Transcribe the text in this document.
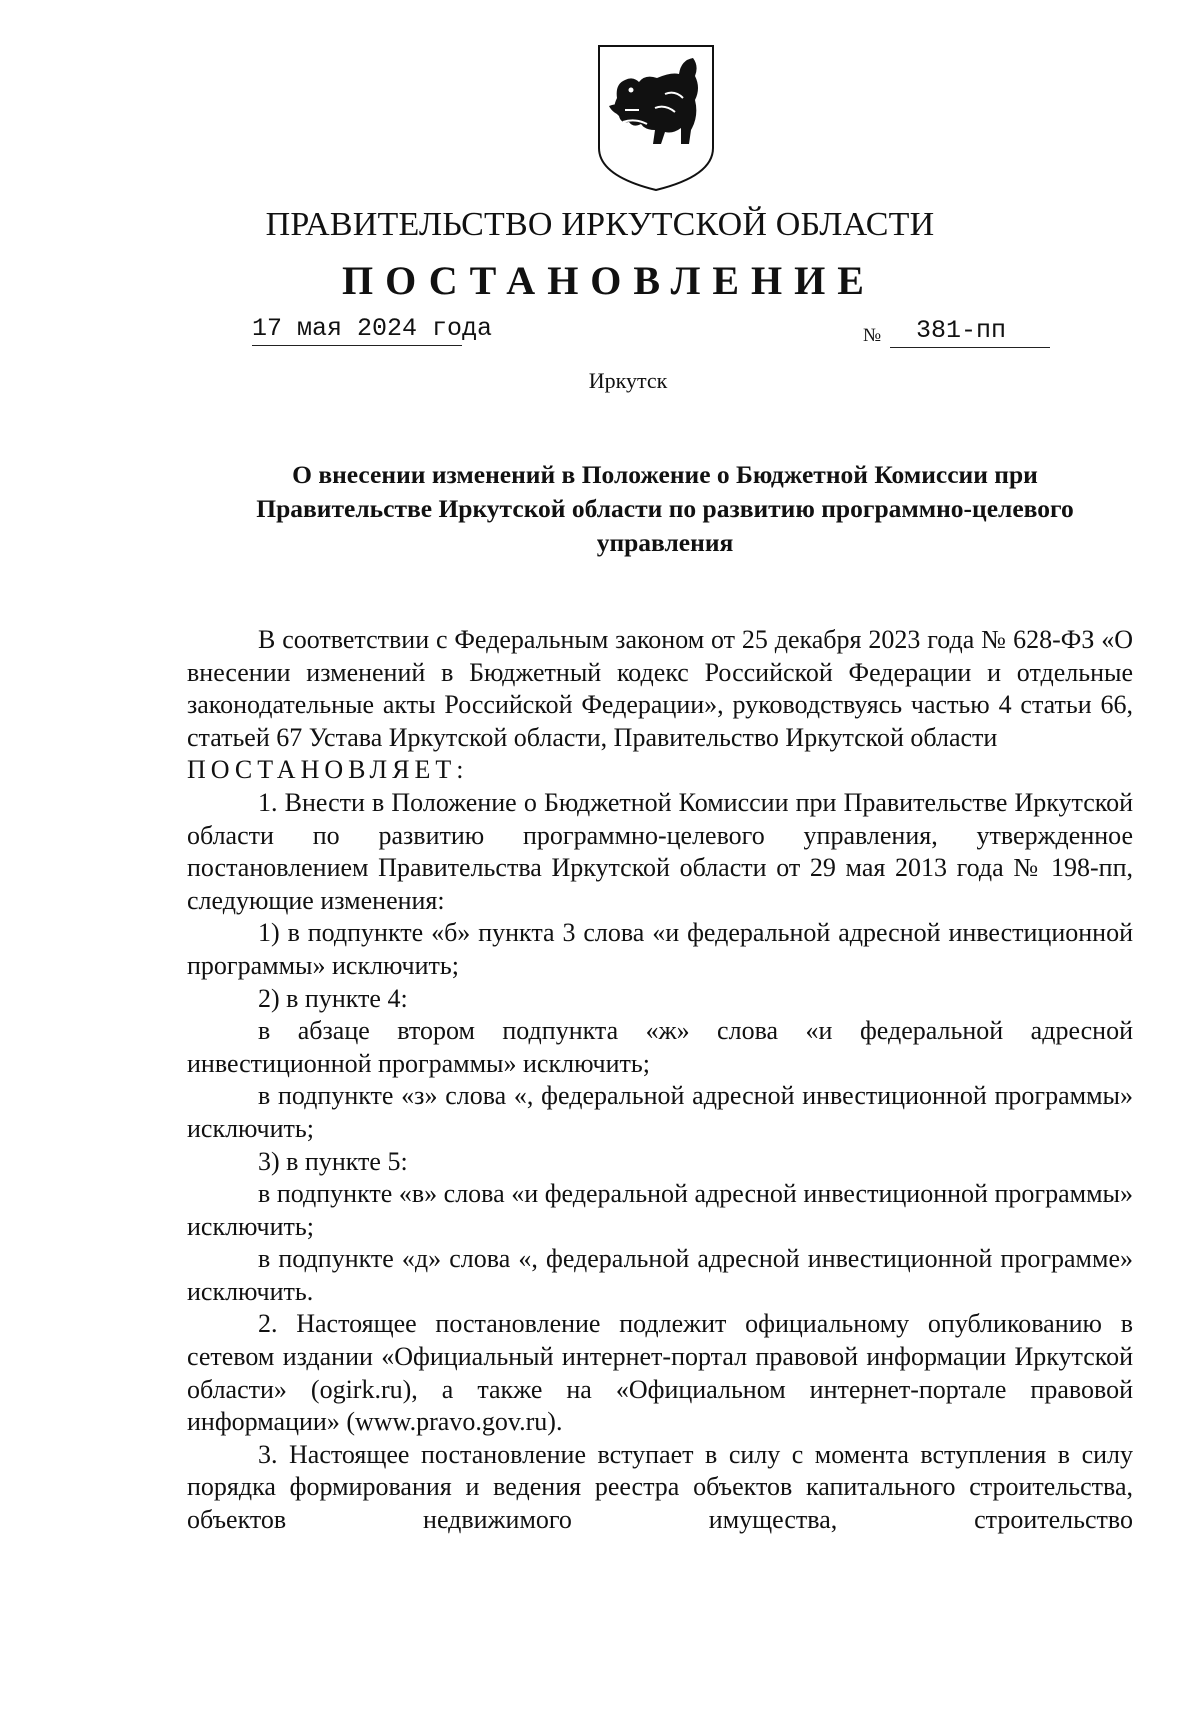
ПРАВИТЕЛЬСТВО ИРКУТСКОЙ ОБЛАСТИ
ПОСТАНОВЛЕНИЕ
17 мая 2024 года	№	381-пп
Иркутск
О внесении изменений в Положение о Бюджетной Комиссии при
Правительстве Иркутской области по развитию программно-целевого
управления

В соответствии с Федеральным законом от 25 декабря 2023 года № 628-ФЗ «О внесении изменений в Бюджетный кодекс Российской Федерации и отдельные законодательные акты Российской Федерации», руководствуясь частью 4 статьи 66, статьей 67 Устава Иркутской области, Правительство Иркутской области

ПОСТАНОВЛЯЕТ:

1. Внести в Положение о Бюджетной Комиссии при Правительстве Иркутской области по развитию программно-целевого управления, утвержденное постановлением Правительства Иркутской области от 29 мая 2013 года № 198-пп, следующие изменения:

1) в подпункте «б» пункта 3 слова «и федеральной адресной инвестиционной программы» исключить;

2) в пункте 4:

в абзаце втором подпункта «ж» слова «и федеральной адресной инвестиционной программы» исключить;

в подпункте «з» слова «, федеральной адресной инвестиционной программы» исключить;

3) в пункте 5:

в подпункте «в» слова «и федеральной адресной инвестиционной программы» исключить;

в подпункте «д» слова «, федеральной адресной инвестиционной программе» исключить.

2. Настоящее постановление подлежит официальному опубликованию в сетевом издании «Официальный интернет-портал правовой информации Иркутской области» (ogirk.ru), а также на «Официальном интернет-портале правовой информации» (www.pravo.gov.ru).

3. Настоящее постановление вступает в силу с момента вступления в силу порядка формирования и ведения реестра объектов капитального строительства, объектов недвижимого имущества, строительство
